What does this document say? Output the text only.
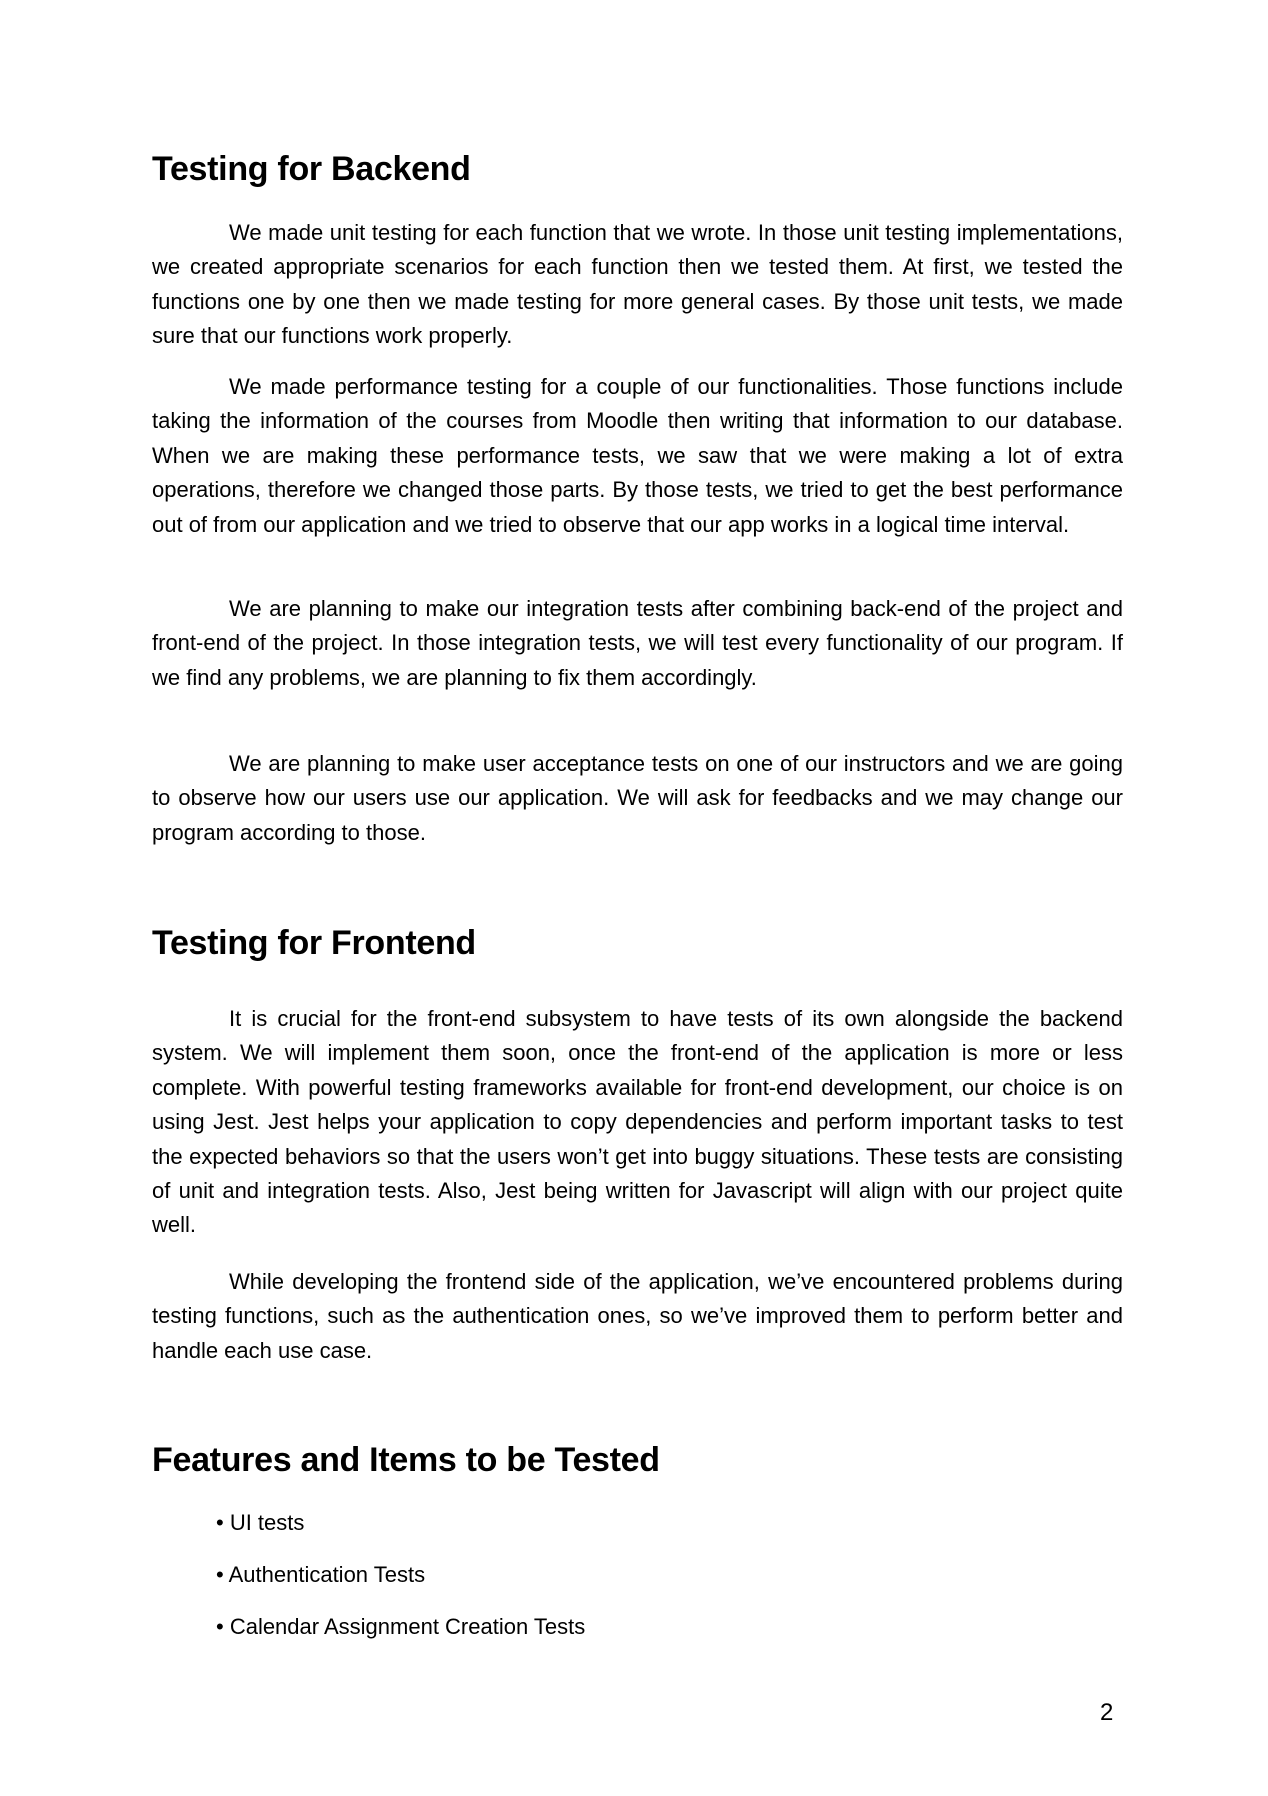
Testing for Backend

We made unit testing for each function that we wrote. In those unit testing implementations, we created appropriate scenarios for each function then we tested them. At first, we tested the functions one by one then we made testing for more general cases. By those unit tests, we made sure that our functions work properly.

We made performance testing for a couple of our functionalities. Those functions include taking the information of the courses from Moodle then writing that information to our database. When we are making these performance tests, we saw that we were making a lot of extra operations, therefore we changed those parts. By those tests, we tried to get the best performance out of from our application and we tried to observe that our app works in a logical time interval.

We are planning to make our integration tests after combining back-end of the project and front-end of the project. In those integration tests, we will test every functionality of our program. If we find any problems, we are planning to fix them accordingly.

We are planning to make user acceptance tests on one of our instructors and we are going to observe how our users use our application. We will ask for feedbacks and we may change our program according to those.

Testing for Frontend

It is crucial for the front-end subsystem to have tests of its own alongside the backend system. We will implement them soon, once the front-end of the application is more or less complete. With powerful testing frameworks available for front-end development, our choice is on using Jest. Jest helps your application to copy dependencies and perform important tasks to test the expected behaviors so that the users won’t get into buggy situations. These tests are consisting of unit and integration tests. Also, Jest being written for Javascript will align with our project quite well.

While developing the frontend side of the application, we’ve encountered problems during testing functions, such as the authentication ones, so we’ve improved them to perform better and handle each use case.

Features and Items to be Tested
• UI tests
• Authentication Tests
• Calendar Assignment Creation Tests
2
